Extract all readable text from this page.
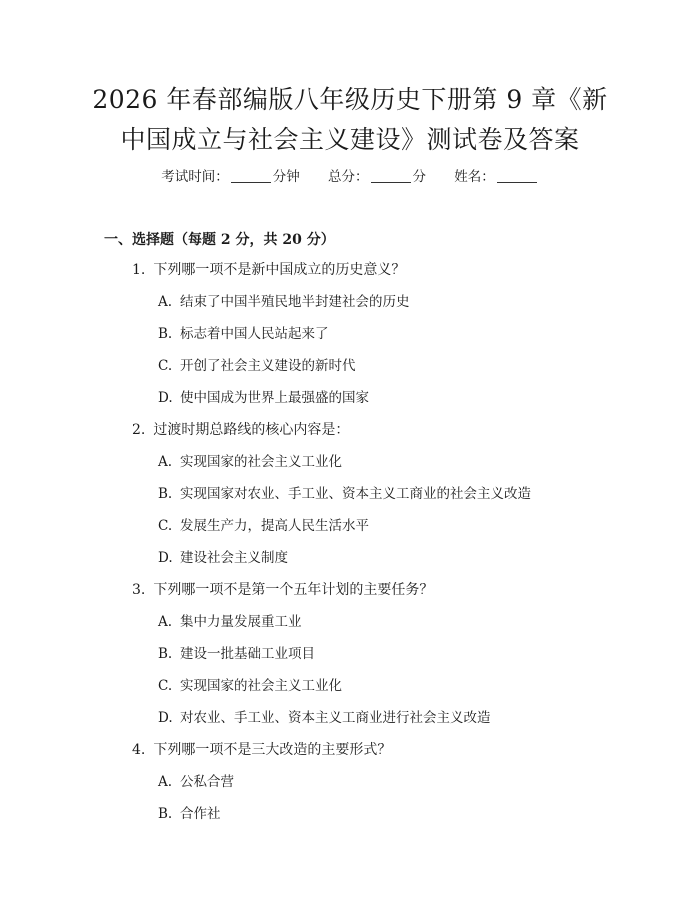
2026 年春部编版八年级历史下册第 9 章《新
中国成立与社会主义建设》测试卷及答案
考试时间：	分钟 总分：	分 姓名：
一、选择题（每题 2 分，共 20 分）
1. 下列哪一项不是新中国成立的历史意义？
A. 结束了中国半殖民地半封建社会的历史
B. 标志着中国人民站起来了
C. 开创了社会主义建设的新时代
D. 使中国成为世界上最强盛的国家
2. 过渡时期总路线的核心内容是：
A. 实现国家的社会主义工业化
B. 实现国家对农业、手工业、资本主义工商业的社会主义改造
C. 发展生产力，提高人民生活水平
D. 建设社会主义制度
3. 下列哪一项不是第一个五年计划的主要任务？
A. 集中力量发展重工业
B. 建设一批基础工业项目
C. 实现国家的社会主义工业化
D. 对农业、手工业、资本主义工商业进行社会主义改造
4. 下列哪一项不是三大改造的主要形式？
A. 公私合营
B. 合作社
